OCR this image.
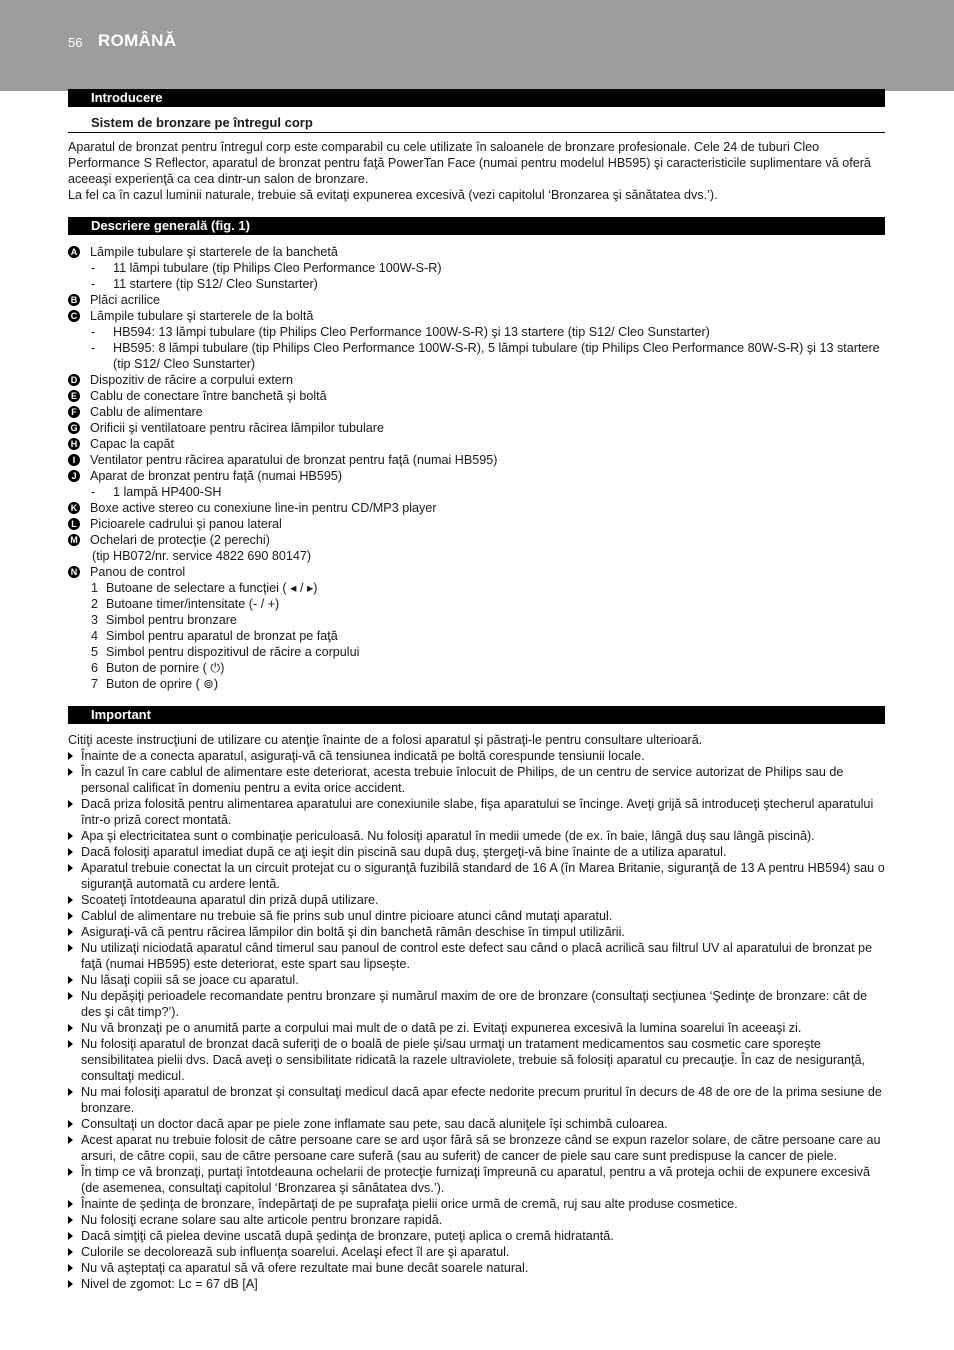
56 ROMÂNĂ
Introducere
Sistem de bronzare pe întregul corp
Aparatul de bronzat pentru întregul corp este comparabil cu cele utilizate în saloanele de bronzare profesionale. Cele 24 de tuburi Cleo Performance S Reflector, aparatul de bronzat pentru faţă PowerTan Face (numai pentru modelul HB595) şi caracteristicile suplimentare vă oferă aceeaşi experienţă ca cea dintr-un salon de bronzare.
La fel ca în cazul luminii naturale, trebuie să evitaţi expunerea excesivă (vezi capitolul ‘Bronzarea şi sănătatea dvs.’).
Descriere generală (fig. 1)
A Lămpile tubulare şi starterele de la banchetă
- 11 lămpi tubulare (tip Philips Cleo Performance 100W-S-R)
- 11 startere (tip S12/ Cleo Sunstarter)
B Plăci acrilice
C Lămpile tubulare şi starterele de la boltă
- HB594: 13 lămpi tubulare (tip Philips Cleo Performance 100W-S-R) şi 13 startere (tip S12/ Cleo Sunstarter)
- HB595: 8 lămpi tubulare (tip Philips Cleo Performance 100W-S-R), 5 lămpi tubulare (tip Philips Cleo Performance 80W-S-R) şi 13 startere (tip S12/ Cleo Sunstarter)
D Dispozitiv de răcire a corpului extern
E Cablu de conectare între banchetă şi boltă
F Cablu de alimentare
G Orificii şi ventilatoare pentru răcirea lămpilor tubulare
H Capac la capăt
I	Ventilator pentru răcirea aparatului de bronzat pentru faţă (numai HB595)
J Aparat de bronzat pentru faţă (numai HB595)
- 1 lampă HP400-SH
K Boxe active stereo cu conexiune line-in pentru CD/MP3 player
L Picioarele cadrului şi panou lateral
M Ochelari de protecţie (2 perechi)
(tip HB072/nr. service 4822 690 80147)
N Panou de control
1 Butoane de selectare a funcţiei ( ◂ / ▸)
2 Butoane timer/intensitate (- / +)
3 Simbol pentru bronzare
4 Simbol pentru aparatul de bronzat pe faţă
5 Simbol pentru dispozitivul de răcire a corpului
6 Buton de pornire ( ⏻)
7 Buton de oprire ( ⊚)
Important
Citiţi aceste instrucţiuni de utilizare cu atenţie înainte de a folosi aparatul şi păstraţi-le pentru consultare ulterioară.
Înainte de a conecta aparatul, asiguraţi-vă că tensiunea indicată pe boltă corespunde tensiunii locale.
În cazul în care cablul de alimentare este deteriorat, acesta trebuie înlocuit de Philips, de un centru de service autorizat de Philips sau de personal calificat în domeniu pentru a evita orice accident.
Dacă priza folosită pentru alimentarea aparatului are conexiunile slabe, fişa aparatului se încinge. Aveţi grijă să introduceţi ştecherul aparatului într-o priză corect montată.
Apa şi electricitatea sunt o combinaţie periculoasă. Nu folosiţi aparatul în medii umede (de ex. în baie, lângă duş sau lângă piscină).
Dacă folosiţi aparatul imediat după ce aţi ieşit din piscină sau după duş, ştergeţi-vă bine înainte de a utiliza aparatul.
Aparatul trebuie conectat la un circuit protejat cu o siguranţă fuzibilă standard de 16 A (în Marea Britanie, siguranţă de 13 A pentru HB594) sau o siguranţă automată cu ardere lentă.
Scoateţi întotdeauna aparatul din priză după utilizare.
Cablul de alimentare nu trebuie să fie prins sub unul dintre picioare atunci când mutaţi aparatul.
Asiguraţi-vă că pentru răcirea lămpilor din boltă şi din banchetă rămân deschise în timpul utilizării.
Nu utilizaţi niciodată aparatul când timerul sau panoul de control este defect sau când o placă acrilică sau filtrul UV al aparatului de bronzat pe faţă (numai HB595) este deteriorat, este spart sau lipseşte.
Nu lăsaţi copiii să se joace cu aparatul.
Nu depăşiţi perioadele recomandate pentru bronzare şi numărul maxim de ore de bronzare (consultaţi secţiunea ‘Şedinţe de bronzare: cât de des şi cât timp?’).
Nu vă bronzaţi pe o anumită parte a corpului mai mult de o dată pe zi. Evitaţi expunerea excesivă la lumina soarelui în aceeaşi zi.
Nu folosiţi aparatul de bronzat dacă suferiţi de o boală de piele şi/sau urmaţi un tratament medicamentos sau cosmetic care sporeşte sensibilitatea pielii dvs. Dacă aveţi o sensibilitate ridicată la razele ultraviolete, trebuie să folosiţi aparatul cu precauţie. În caz de nesiguranţă, consultaţi medicul.
Nu mai folosiţi aparatul de bronzat şi consultaţi medicul dacă apar efecte nedorite precum pruritul în decurs de 48 de ore de la prima sesiune de bronzare.
Consultaţi un doctor dacă apar pe piele zone inflamate sau pete, sau dacă aluniţele îşi schimbă culoarea.
Acest aparat nu trebuie folosit de către persoane care se ard uşor fără să se bronzeze când se expun razelor solare, de către persoane care au arsuri, de către copii, sau de către persoane care suferă (sau au suferit) de cancer de piele sau care sunt predispuse la cancer de piele.
În timp ce vă bronzaţi, purtaţi întotdeauna ochelarii de protecţie furnizaţi împreună cu aparatul, pentru a vă proteja ochii de expunere excesivă (de asemenea, consultaţi capitolul ‘Bronzarea şi sănătatea dvs.’).
Înainte de şedinţa de bronzare, îndepărtaţi de pe suprafaţa pielii orice urmă de cremă, ruj sau alte produse cosmetice.
Nu folosiţi ecrane solare sau alte articole pentru bronzare rapidă.
Dacă simţiţi că pielea devine uscată după şedinţa de bronzare, puteţi aplica o cremă hidratantă.
Culorile se decolorează sub influenţa soarelui. Acelaşi efect îl are şi aparatul.
Nu vă aşteptaţi ca aparatul să vă ofere rezultate mai bune decât soarele natural.
Nivel de zgomot: Lc = 67 dB [A]
